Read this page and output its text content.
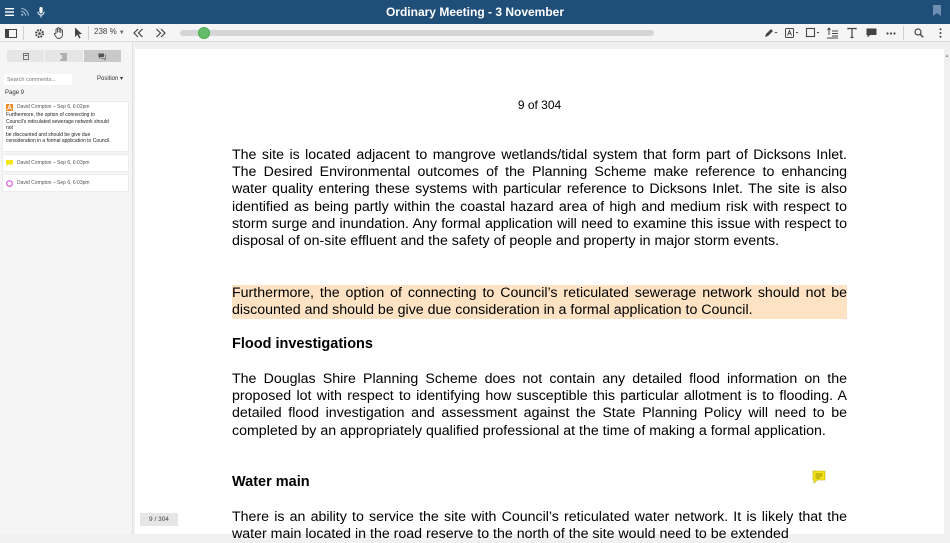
Ordinary Meeting - 3 November
238 % ▼
Search comments...
Position ▾
Page 9
David Compton
–
Sep 6, 6:02pm
Furthermore, the option of connecting to
Council’s reticulated sewerage network should
not
be discounted and should be give due
consideration in a formal application to Council.
David Compton
–
Sep 6, 6:03pm
David Compton
–
Sep 6, 6:03pm
9 of 304
The site is located adjacent to mangrove wetlands/tidal system that form part of Dicksons Inlet. The Desired Environmental outcomes of the Planning Scheme make reference to enhancing water quality entering these systems with particular reference to Dicksons Inlet. The site is also identified as being partly within the coastal hazard area of high and medium risk with respect to storm surge and inundation. Any formal application will need to examine this issue with respect to disposal of on-site effluent and the safety of people and property in major storm events.
Furthermore, the option of connecting to Council’s reticulated sewerage network should not be discounted and should be give due consideration in a formal application to Council.
Flood investigations
The Douglas Shire Planning Scheme does not contain any detailed flood information on the proposed lot with respect to identifying how susceptible this particular allotment is to flooding. A detailed flood investigation and assessment against the State Planning Policy will need to be completed by an appropriately qualified professional at the time of making a formal application.
Water main
There is an ability to service the site with Council’s reticulated water network. It is likely that the water main located in the road reserve to the north of the site would need to be extended
▲
9 / 304
